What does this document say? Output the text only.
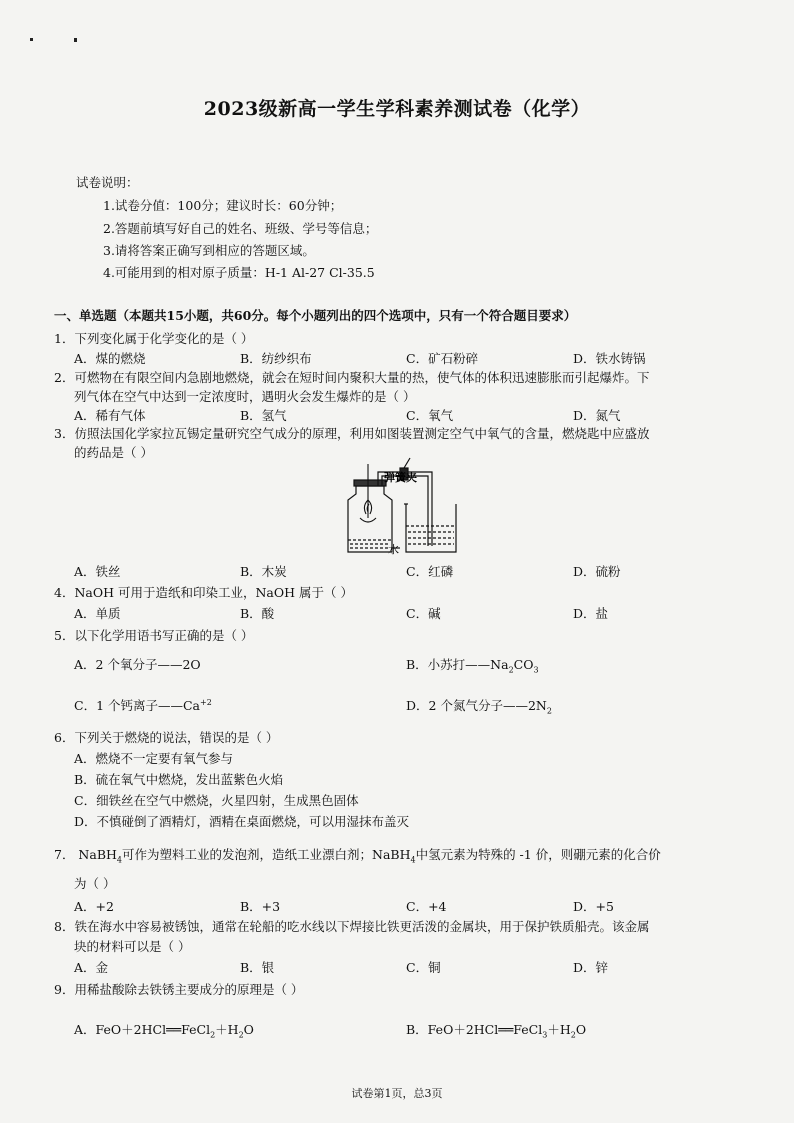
2023级新高一学生学科素养测试卷（化学）
试卷说明：
1.试卷分值：100分；建议时长：60分钟；
2.答题前填写好自己的姓名、班级、学号等信息；
3.请将答案正确写到相应的答题区域。
4.可能用到的相对原子质量：H-1 Al-27 Cl-35.5
一、单选题（本题共15小题，共60分。每个小题列出的四个选项中，只有一个符合题目要求）
1．下列变化属于化学变化的是（ ）
A．煤的燃烧	B．纺纱织布	C．矿石粉碎	D．铁水铸锅
2．可燃物在有限空间内急剧地燃烧，就会在短时间内聚积大量的热，使气体的体积迅速膨胀而引起爆炸。下
列气体在空气中达到一定浓度时，遇明火会发生爆炸的是（ ）
A．稀有气体	B．氢气	C．氧气	D．氮气
3．仿照法国化学家拉瓦锡定量研究空气成分的原理，利用如图装置测定空气中氧气的含量，燃烧匙中应盛放
的药品是（ ）
弹簧夹
水
A．铁丝	B．木炭	C．红磷	D．硫粉
4．NaOH 可用于造纸和印染工业，NaOH 属于（ ）
A．单质	B．酸	C．碱	D．盐
5．以下化学用语书写正确的是（ ）
A．2 个氧分子——2O	B．小苏打$——Na_2CO_3$
C．1 个钙离子$——Ca^{+2}$	D．2 个氮气分子$——2N_2$
6．下列关于燃烧的说法，错误的是（ ）
A．燃烧不一定要有氧气参与
B．硫在氧气中燃烧，发出蓝紫色火焰
C．细铁丝在空气中燃烧，火星四射，生成黑色固体
D．不慎碰倒了酒精灯，酒精在桌面燃烧，可以用湿抹布盖灭
7． NaBH$_4$可作为塑料工业的发泡剂，造纸工业漂白剂；NaBH$_4$中氢元素为特殊的 -1 价，则硼元素的化合价
为（ ）
A．+2	B．+3	C．+4	D．+5
8．铁在海水中容易被锈蚀，通常在轮船的吃水线以下焊接比铁更活泼的金属块，用于保护铁质船壳。该金属
块的材料可以是（ ）
A．金	B．银	C．铜	D．锌
9．用稀盐酸除去铁锈主要成分的原理是（ ）
A．$FeO+2HCl══FeCl_2+H_2O$	B．$FeO+2HCl══FeCl_3+H_2O$
试卷第1页，总3页
